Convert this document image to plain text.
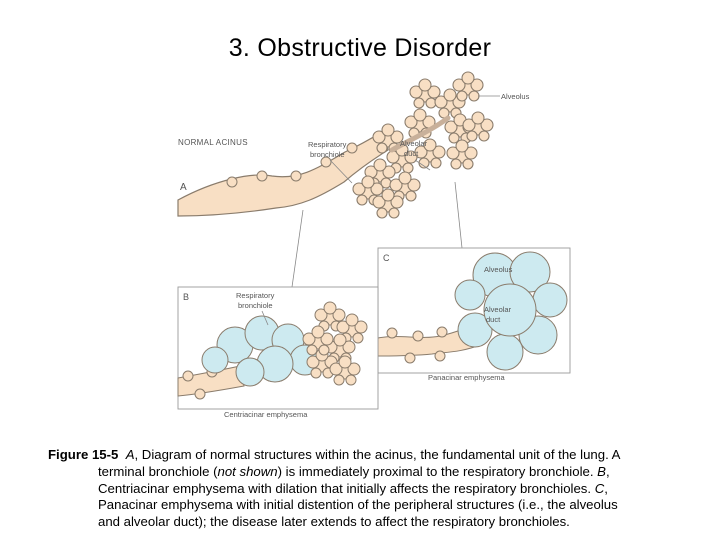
3. Obstructive Disorder
NORMAL ACINUS
A
Respiratory
bronchiole
Alveolar
duct
Alveolus
C
Alveolus
Alveolar
duct
Panacinar emphysema
B	Respiratory
bronchiole
Centriacinar emphysema
Figure 15-5 A, Diagram of normal structures within the acinus, the fundamental unit of the lung. A
terminal bronchiole (not shown) is immediately proximal to the respiratory bronchiole. B,
Centriacinar emphysema with dilation that initially affects the respiratory bronchioles. C,
Panacinar emphysema with initial distention of the peripheral structures (i.e., the alveolus
and alveolar duct); the disease later extends to affect the respiratory bronchioles.
